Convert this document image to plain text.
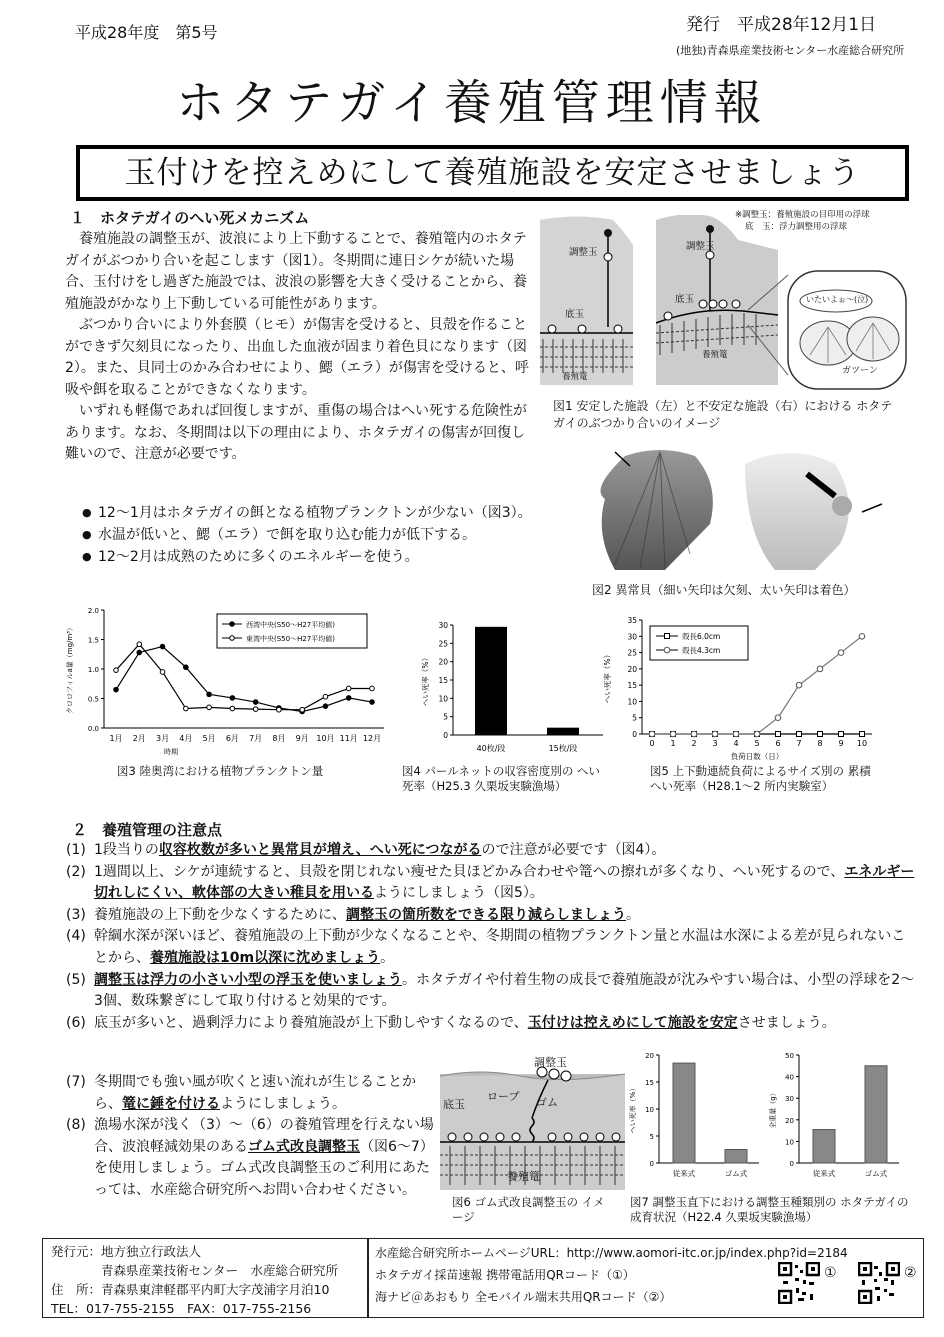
平成28年度　第5号	発行　平成28年12月1日
(地独)青森県産業技術センター水産総合研究所
ホタテガイ養殖管理情報
玉付けを控えめにして養殖施設を安定させましょう
１　ホタテガイのへい死メカニズム

　養殖施設の調整玉が、波浪により上下動することで、養殖篭内のホタテガイがぶつかり合いを起こします（図1）。冬期間に連日シケが続いた場合、玉付けをし過ぎた施設では、波浪の影響を大きく受けることから、養殖施設がかなり上下動している可能性があります。

　ぶつかり合いにより外套膜（ヒモ）が傷害を受けると、貝殻を作ることができず欠刻貝になったり、出血した血液が固まり着色貝になります（図2）。また、貝同士のかみ合わせにより、鰓（エラ）が傷害を受けると、呼吸や餌を取ることができなくなります。

　いずれも軽傷であれば回復しますが、重傷の場合はへい死する危険性があります。なお、冬期間は以下の理由により、ホタテガイの傷害が回復し難いので、注意が必要です。

● 12～1月はホタテガイの餌となる植物プランクトンが少ない（図3）。
● 水温が低いと、鰓（エラ）で餌を取り込む能力が低下する。
● 12～2月は成熟のために多くのエネルギーを使う。
※調整玉：養殖施設の目印用の浮球
底　玉：浮力調整用の浮球
調整玉
調整玉
底玉
底玉
養殖篭
養殖篭
いたいよぉ～(泣)
ガツーン
図1 安定した施設（左）と不安定な施設（右）における ホタテガイのぶつかり合いのイメージ
図2 異常貝（細い矢印は欠刻、太い矢印は着色）
0.0
0.5
1.0
1.5
2.0
クロロフィルa量（mg/m³）
1月 2月 3月 4月 5月 6月 7月 8月 9月 10月 11月 12月
時期
西湾中央(S50～H27平均値)
東湾中央(S50～H27平均値)
図3 陸奥湾における植物プランクトン量
0
5
10
15
20
25
30
へい死率（%）
40枚/段	15枚/段
図4 パールネットの収容密度別の へい死率（H25.3 久栗坂実験漁場）
0
5
10
15
20
25
30
35
へい死率（%）
0 1 2 3 4 5 6 7 8 9 10
負荷日数（日）
殻長6.0cm
殻長4.3cm
図5 上下動連続負荷によるサイズ別の 累積へい死率（H28.1～2 所内実験室）
２　養殖管理の注意点
(1) 1段当りの収容枚数が多いと異常貝が増え、へい死につながるので注意が必要です（図4）。
(2) 1週間以上、シケが連続すると、貝殻を閉じれない痩せた貝ほどかみ合わせや篭への擦れが多くなり、へい死するので、エネルギー切れしにくい、軟体部の大きい稚貝を用いるようにしましょう（図5）。
(3) 養殖施設の上下動を少なくするために、調整玉の箇所数をできる限り減らしましょう。
(4) 幹綱水深が深いほど、養殖施設の上下動が少なくなることや、冬期間の植物プランクトン量と水温は水深による差が見られないことから、養殖施設は10m以深に沈めましょう。
(5) 調整玉は浮力の小さい小型の浮玉を使いましょう。ホタテガイや付着生物の成長で養殖施設が沈みやすい場合は、小型の浮球を2～3個、数珠繋ぎにして取り付けると効果的です。
(6) 底玉が多いと、過剰浮力により養殖施設が上下動しやすくなるので、玉付けは控えめにして施設を安定させましょう。
(7) 冬期間でも強い風が吹くと速い流れが生じることから、篭に錘を付けるようにしましょう。
(8) 漁場水深が浅く（3）～（6）の養殖管理を行えない場合、波浪軽減効果のあるゴム式改良調整玉（図6～7）を使用しましょう。ゴム式改良調整玉のご利用にあたっては、水産総合研究所へお問い合わせください。
調整玉
ロープ ゴム
底玉
養殖篭
図6 ゴム式改良調整玉の イメージ
0
5
10
15
20
へい死率（%）
従来式	ゴム式
0
10
20
30
40
50
全重量（g）
従来式	ゴム式
図7 調整玉直下における調整玉種類別の ホタテガイの成育状況（H22.4 久栗坂実験漁場）
発行元：地方独立行政法人
　　　　青森県産業技術センター　水産総合研究所
住　所：青森県東津軽郡平内町大字茂浦字月泊10
TEL：017-755-2155　FAX：017-755-2156
水産総合研究所ホームページURL：http://www.aomori-itc.or.jp/index.php?id=2184
ホタテガイ採苗速報 携帯電話用QRコード（①）
海ナビ＠あおもり 全モバイル端末共用QRコード（②）
①	②
